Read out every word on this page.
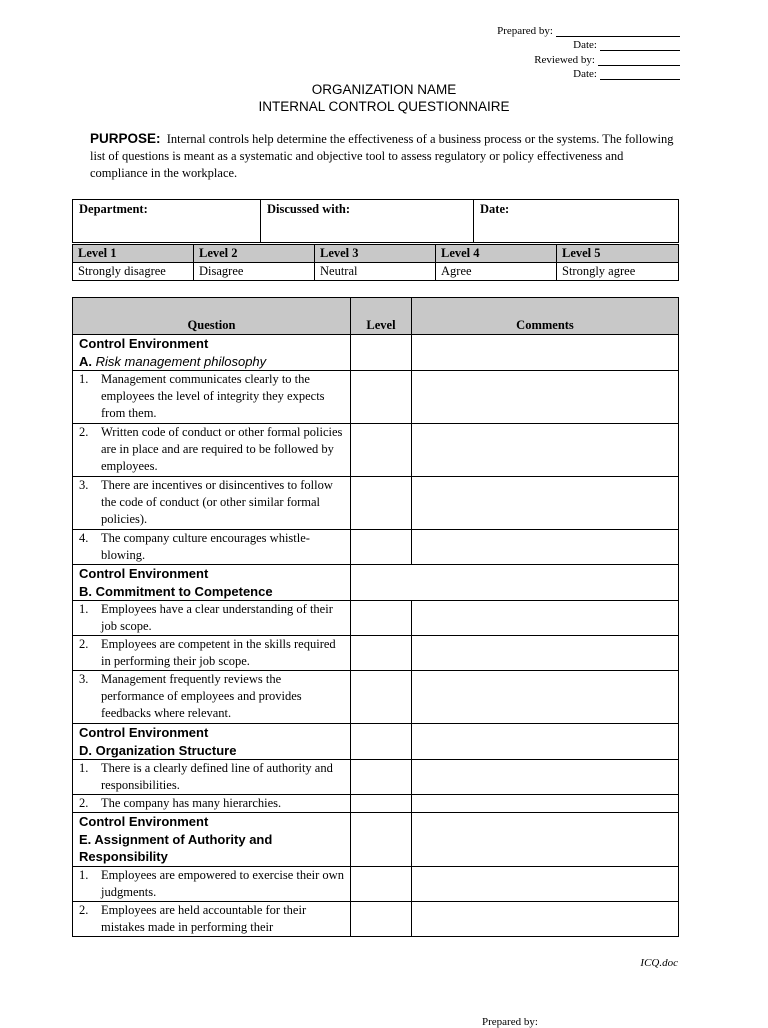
Prepared by:
Date:
Reviewed by:
Date:
ORGANIZATION NAME
INTERNAL CONTROL QUESTIONNAIRE
PURPOSE: Internal controls help determine the effectiveness of a business process or the systems. The following list of questions is meant as a systematic and objective tool to assess regulatory or policy effectiveness and compliance in the workplace.
Department:	Discussed with:	Date:
Level 1	Level 2	Level 3	Level 4	Level 5
Strongly disagree	Disagree	Neutral	Agree	Strongly agree
Question	Level	Comments

Control Environment
A. Risk management philosophy		

1. Management communicates clearly to the employees the level of integrity they expects from them.		

2. Written code of conduct or other formal policies are in place and are required to be followed by employees.		

3. There are incentives or disincentives to follow the code of conduct (or other similar formal policies).		

4. The company culture encourages whistle-blowing.		

Control Environment
B. Commitment to Competence		

1. Employees have a clear understanding of their job scope.		

2. Employees are competent in the skills required in performing their job scope.		

3. Management frequently reviews the performance of employees and provides feedbacks where relevant.		

Control Environment
D. Organization Structure		

1. There is a clearly defined line of authority and responsibilities.		

2. The company has many hierarchies.		

Control Environment
E. Assignment of Authority and Responsibility		

1. Employees are empowered to exercise their own judgments.		

2. Employees are held accountable for their mistakes made in performing their		

ICQ.doc
Prepared by:
